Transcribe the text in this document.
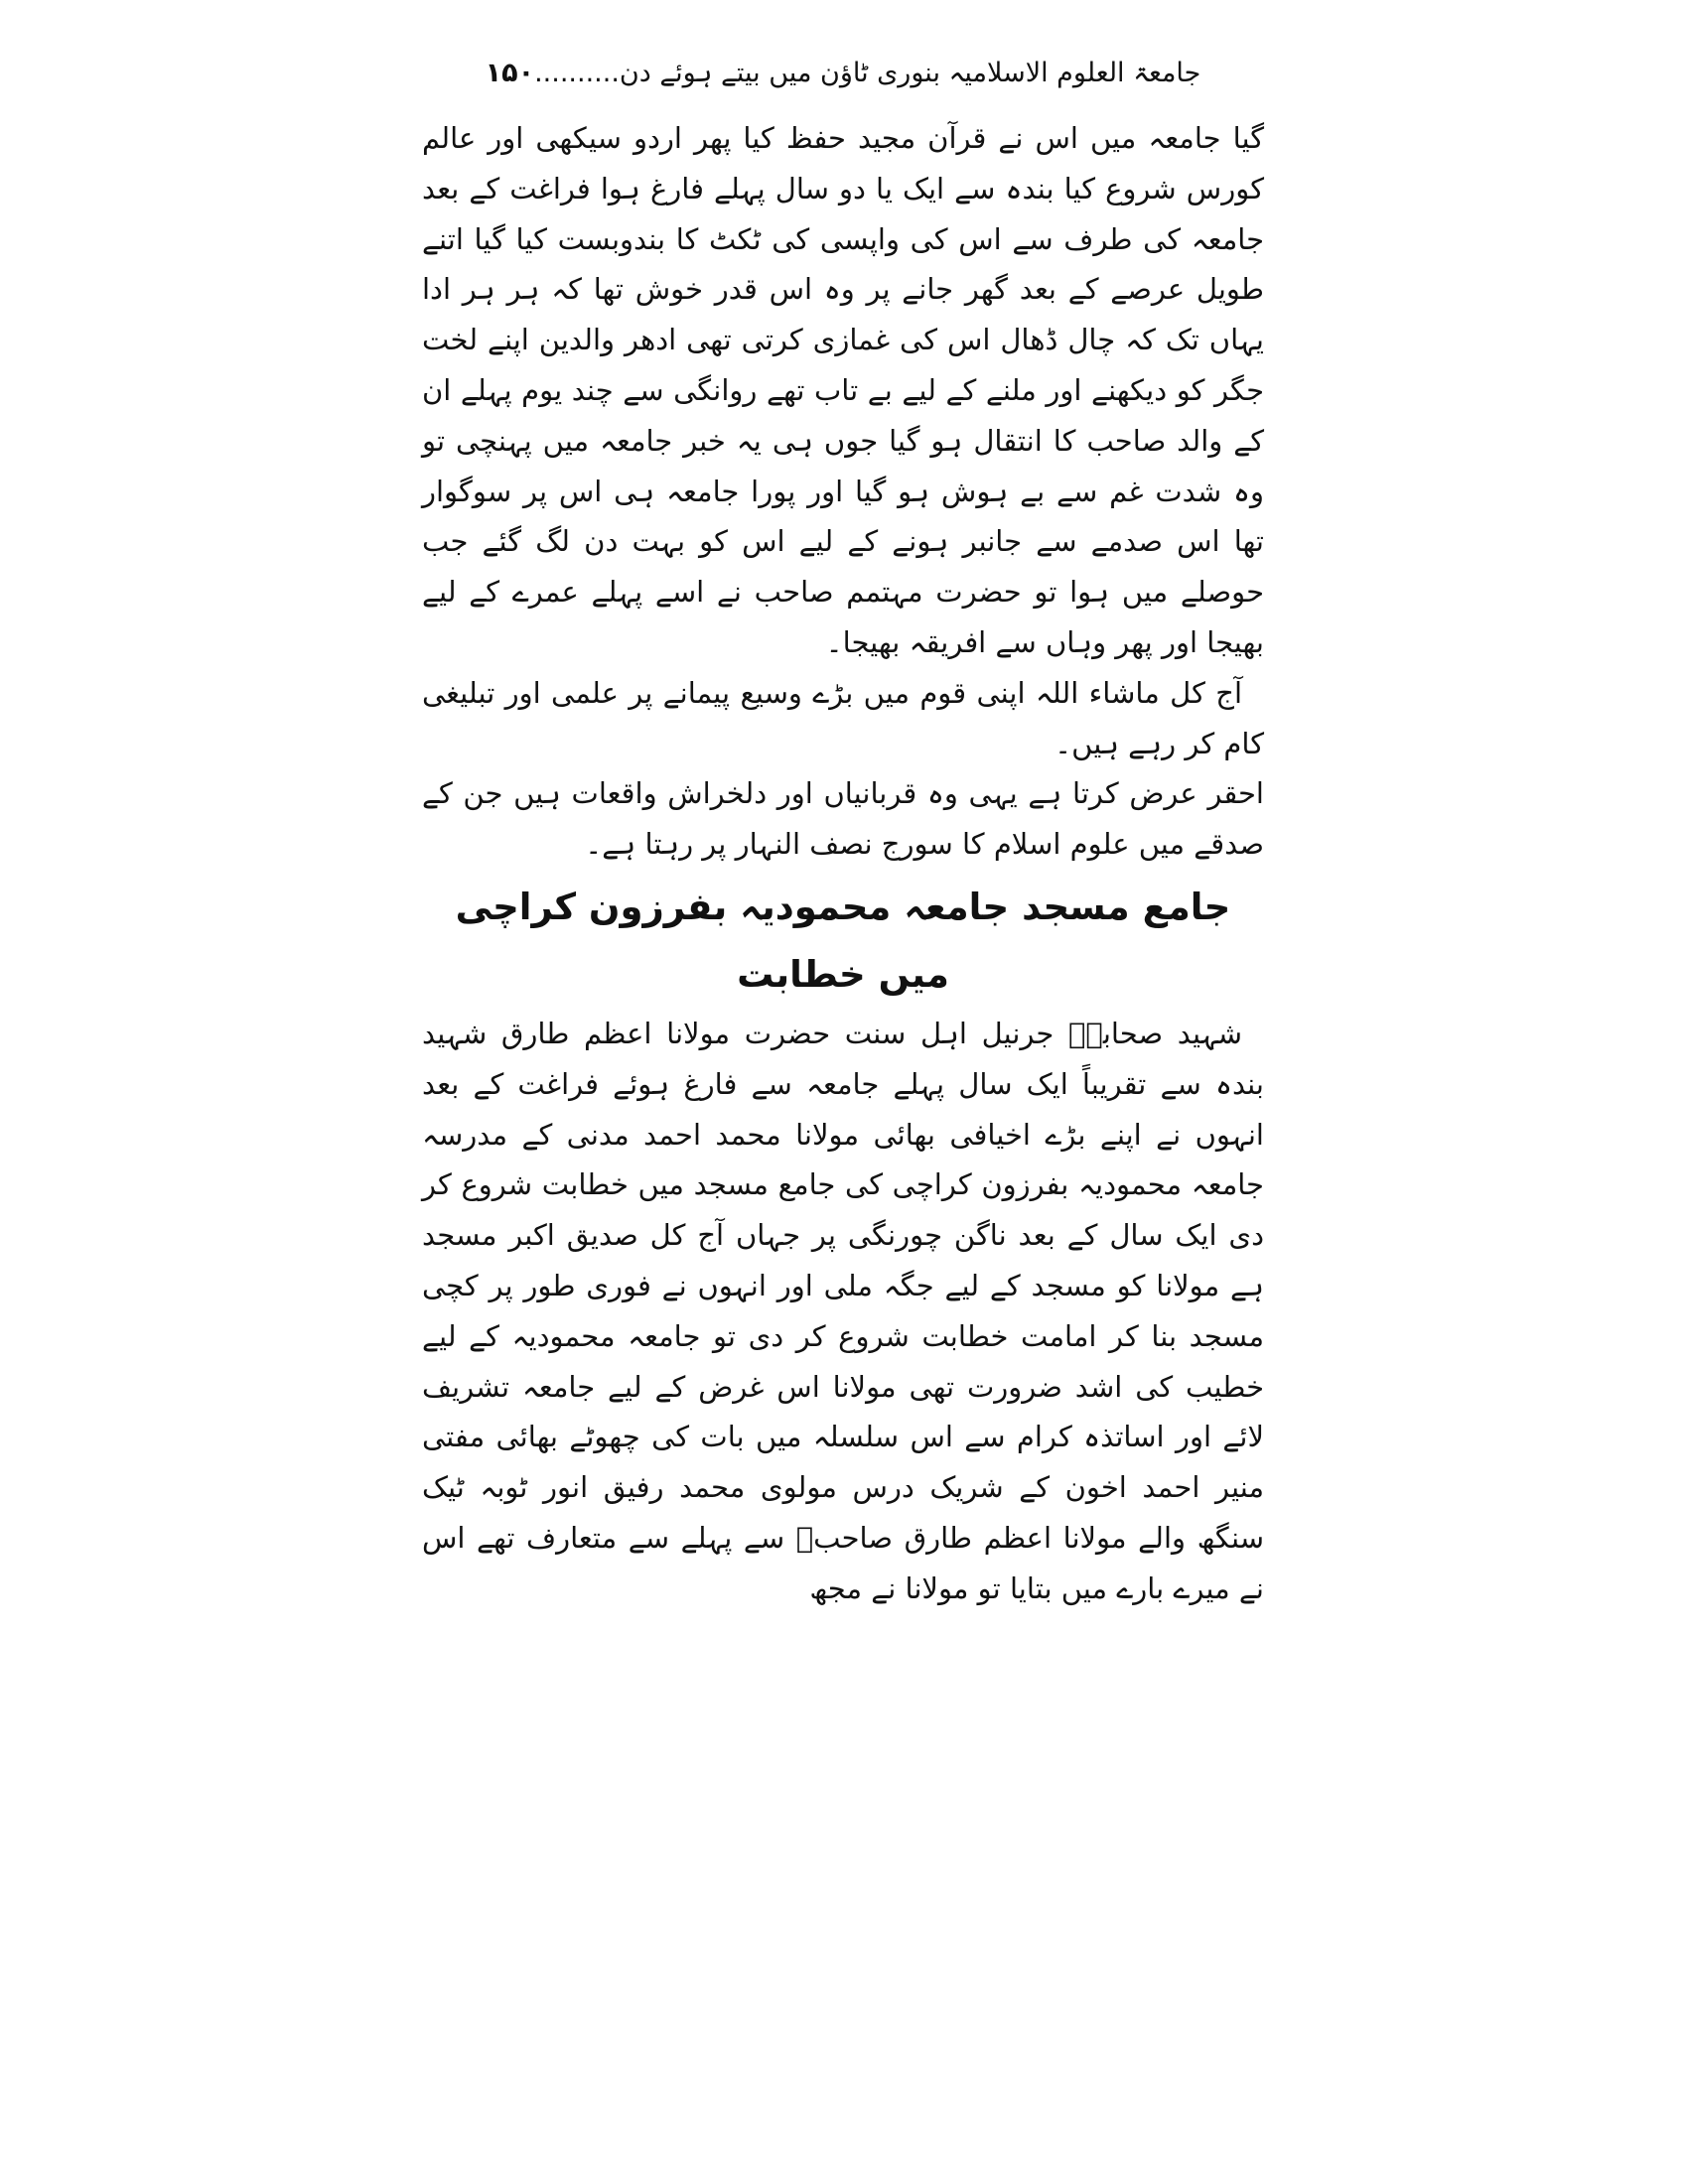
جامعۃ العلوم الاسلامیہ بنوری ٹاؤن میں بیتے ہوئے دن..........۱۵۰

گیا جامعہ میں اس نے قرآن مجید حفظ کیا پھر اردو سیکھی اور عالم کورس شروع کیا بندہ سے ایک یا دو سال پہلے فارغ ہوا فراغت کے بعد جامعہ کی طرف سے اس کی واپسی کی ٹکٹ کا بندوبست کیا گیا اتنے طویل عرصے کے بعد گھر جانے پر وہ اس قدر خوش تھا کہ ہر ہر ادا یہاں تک کہ چال ڈھال اس کی غمازی کرتی تھی ادھر والدین اپنے لخت جگر کو دیکھنے اور ملنے کے لیے بے تاب تھے روانگی سے چند یوم پہلے ان کے والد صاحب کا انتقال ہو گیا جوں ہی یہ خبر جامعہ میں پہنچی تو وہ شدت غم سے بے ہوش ہو گیا اور پورا جامعہ ہی اس پر سوگوار تھا اس صدمے سے جانبر ہونے کے لیے اس کو بہت دن لگ گئے جب حوصلے میں ہوا تو حضرت مہتمم صاحب نے اسے پہلے عمرے کے لیے بھیجا اور پھر وہاں سے افریقہ بھیجا۔

آج کل ماشاء اللہ اپنی قوم میں بڑے وسیع پیمانے پر علمی اور تبلیغی کام کر رہے ہیں۔

احقر عرض کرتا ہے یہی وہ قربانیاں اور دلخراش واقعات ہیں جن کے صدقے میں علوم اسلام کا سورج نصف النہار پر رہتا ہے۔

جامع مسجد جامعہ محمودیہ بفرزون کراچی میں خطابت

شہید صحابہؓ جرنیل اہل سنت حضرت مولانا اعظم طارق شہید بندہ سے تقریباً ایک سال پہلے جامعہ سے فارغ ہوئے فراغت کے بعد انہوں نے اپنے بڑے اخیافی بھائی مولانا محمد احمد مدنی کے مدرسہ جامعہ محمودیہ بفرزون کراچی کی جامع مسجد میں خطابت شروع کر دی ایک سال کے بعد ناگن چورنگی پر جہاں آج کل صدیق اکبر مسجد ہے مولانا کو مسجد کے لیے جگہ ملی اور انہوں نے فوری طور پر کچی مسجد بنا کر امامت خطابت شروع کر دی تو جامعہ محمودیہ کے لیے خطیب کی اشد ضرورت تھی مولانا اس غرض کے لیے جامعہ تشریف لائے اور اساتذہ کرام سے اس سلسلہ میں بات کی چھوٹے بھائی مفتی منیر احمد اخون کے شریک درس مولوی محمد رفیق انور ٹوبہ ٹیک سنگھ والے مولانا اعظم طارق صاحبؒ سے پہلے سے متعارف تھے اس نے میرے بارے میں بتایا تو مولانا نے مجھ
